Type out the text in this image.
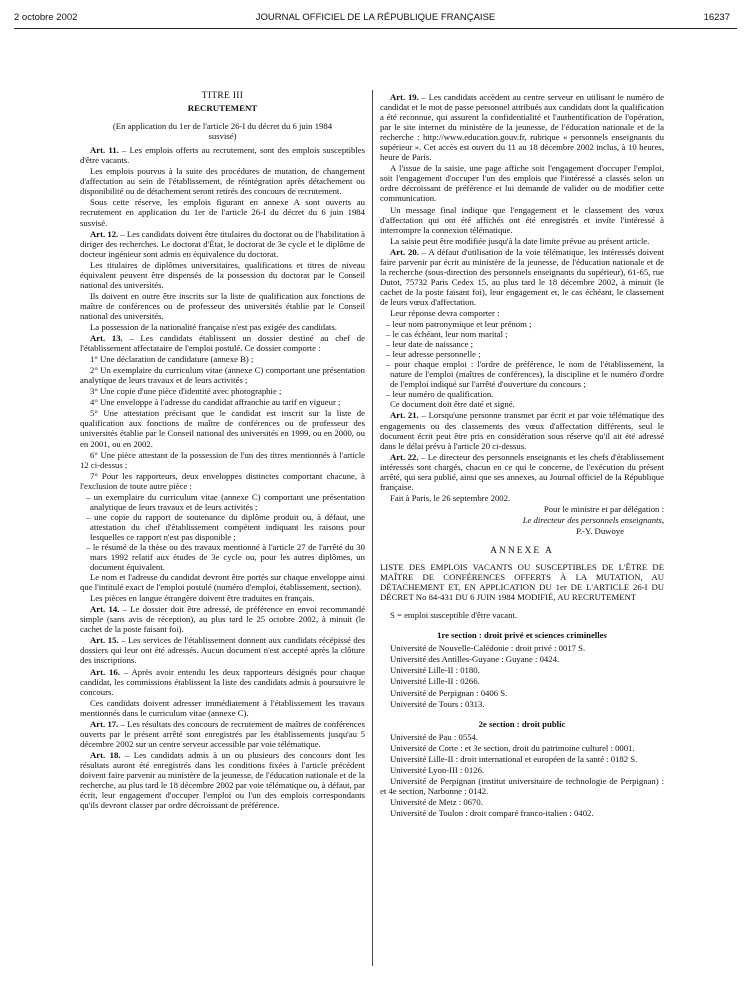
2 octobre 2002	JOURNAL OFFICIEL DE LA RÉPUBLIQUE FRANÇAISE	16237
TITRE III
RECRUTEMENT

(En application du 1er de l'article 26-I du décret du 6 juin 1984 susvisé)

Art. 11. – Les emplois offerts au recrutement, sont des emplois susceptibles d'être vacants.

Les emplois pourvus à la suite des procédures de mutation, de changement d'affectation au sein de l'établissement, de réintégration après détachement ou disponibilité ou de détachement seront retirés des concours de recrutement.

Sous cette réserve, les emplois figurant en annexe A sont ouverts au recrutement en application du 1er de l'article 26-I du décret du 6 juin 1984 susvisé.

Art. 12. – Les candidats doivent être titulaires du doctorat ou de l'habilitation à diriger des recherches. Le doctorat d'État, le doctorat de 3e cycle et le diplôme de docteur ingénieur sont admis en équivalence du doctorat.

Les titulaires de diplômes universitaires, qualifications et titres de niveau équivalent peuvent être dispensés de la possession du doctorat par le Conseil national des universités.

Ils doivent en outre être inscrits sur la liste de qualification aux fonctions de maître de conférences ou de professeur des universités établie par le Conseil national des universités.

La possession de la nationalité française n'est pas exigée des candidats.

Art. 13. – Les candidats établissent un dossier destiné au chef de l'établissement affectataire de l'emploi postulé. Ce dossier comporte :

1° Une déclaration de candidature (annexe B) ;

2° Un exemplaire du curriculum vitae (annexe C) comportant une présentation analytique de leurs travaux et de leurs activités ;

3° Une copie d'une pièce d'identité avec photographie ;

4° Une enveloppe à l'adresse du candidat affranchie au tarif en vigueur ;

5° Une attestation précisant que le candidat est inscrit sur la liste de qualification aux fonctions de maître de conférences ou de professeur des universités établie par le Conseil national des universités en 1999, ou en 2000, ou en 2001, ou en 2002.

6° Une pièce attestant de la possession de l'un des titres mentionnés à l'article 12 ci-dessus ;

7° Pour les rapporteurs, deux enveloppes distinctes comportant chacune, à l'exclusion de toute autre pièce :

– un exemplaire du curriculum vitae (annexe C) comportant une présentation analytique de leurs travaux et de leurs activités ;
– une copie du rapport de soutenance du diplôme produit ou, à défaut, une attestation du chef d'établissement compétent indiquant les raisons pour lesquelles ce rapport n'est pas disponible ;
– le résumé de la thèse ou des travaux mentionné à l'article 27 de l'arrêté du 30 mars 1992 relatif aux études de 3e cycle ou, pour les autres diplômes, un document équivalent.

Le nom et l'adresse du candidat devront être portés sur chaque enveloppe ainsi que l'intitulé exact de l'emploi postulé (numéro d'emploi, établissement, section).

Les pièces en langue étrangère doivent être traduites en français.

Art. 14. – Le dossier doit être adressé, de préférence en envoi recommandé simple (sans avis de réception), au plus tard le 25 octobre 2002, à minuit (le cachet de la poste faisant foi).

Art. 15. – Les services de l'établissement donnent aux candidats récépissé des dossiers qui leur ont été adressés. Aucun document n'est accepté après la clôture des inscriptions.

Art. 16. – Après avoir entendu les deux rapporteurs désignés pour chaque candidat, les commissions établissent la liste des candidats admis à poursuivre le concours.

Ces candidats doivent adresser immédiatement à l'établissement les travaux mentionnés dans le curriculum vitae (annexe C).

Art. 17. – Les résultats des concours de recrutement de maîtres de conférences ouverts par le présent arrêté sont enregistrés par les établissements jusqu'au 5 décembre 2002 sur un centre serveur accessible par voie télématique.

Art. 18. – Les candidats admis à un ou plusieurs des concours dont les résultats auront été enregistrés dans les conditions fixées à l'article précédent doivent faire parvenir au ministère de la jeunesse, de l'éducation nationale et de la recherche, au plus tard le 18 décembre 2002 par voie télématique ou, à défaut, par écrit, leur engagement d'occuper l'emploi ou l'un des emplois correspondants qu'ils devront classer par ordre décroissant de préférence.

Art. 19. – Les candidats accèdent au centre serveur en utilisant le numéro de candidat et le mot de passe personnel attribués aux candidats dont la qualification a été reconnue, qui assurent la confidentialité et l'authentification de l'opération, par le site internet du ministère de la jeunesse, de l'éducation nationale et de la recherche : http://www.education.gouv.fr, rubrique « personnels enseignants du supérieur ». Cet accès est ouvert du 11 au 18 décembre 2002 inclus, à 10 heures, heure de Paris.

A l'issue de la saisie, une page affiche soit l'engagement d'occuper l'emploi, soit l'engagement d'occuper l'un des emplois que l'intéressé a classés selon un ordre décroissant de préférence et lui demande de valider ou de modifier cette communication.

Un message final indique que l'engagement et le classement des vœux d'affectation qui ont été affichés ont été enregistrés et invite l'intéressé à interrompre la connexion télématique.

La saisie peut être modifiée jusqu'à la date limite prévue au présent article.

Art. 20. – A défaut d'utilisation de la voie télématique, les intéressés doivent faire parvenir par écrit au ministère de la jeunesse, de l'éducation nationale et de la recherche (sous-direction des personnels enseignants du supérieur), 61-65, rue Dutot, 75732 Paris Cedex 15, au plus tard le 18 décembre 2002, à minuit (le cachet de la poste faisant foi), leur engagement et, le cas échéant, le classement de leurs vœux d'affectation.

Leur réponse devra comporter :

– leur nom patronymique et leur prénom ;
– le cas échéant, leur nom marital ;
– leur date de naissance ;
– leur adresse personnelle ;
– pour chaque emploi : l'ordre de préférence, le nom de l'établissement, la nature de l'emploi (maîtres de conférences), la discipline et le numéro d'ordre de l'emploi indiqué sur l'arrêté d'ouverture du concours ;
– leur numéro de qualification.

Ce document doit être daté et signé.

Art. 21. – Lorsqu'une personne transmet par écrit et par voie télématique des engagements ou des classements des vœux d'affectation différents, seul le document écrit peut être pris en considération sous réserve qu'il ait été adressé dans le délai prévu à l'article 20 ci-dessus.

Art. 22. – Le directeur des personnels enseignants et les chefs d'établissement intéressés sont chargés, chacun en ce qui le concerne, de l'exécution du présent arrêté, qui sera publié, ainsi que ses annexes, au Journal officiel de la République française.

Fait à Paris, le 26 septembre 2002.

Pour le ministre et par délégation :

Le directeur des personnels enseignants,

P.-Y. Duwoye

ANNEXE A

LISTE DES EMPLOIS VACANTS OU SUSCEPTIBLES DE L'ÊTRE DE MAÎTRE DE CONFÉRENCES OFFERTS À LA MUTATION, AU DÉTACHEMENT ET, EN APPLICATION DU 1er DE L'ARTICLE 26-I DU DÉCRET No 84-431 DU 6 JUIN 1984 MODIFIÉ, AU RECRUTEMENT

S = emploi susceptible d'être vacant.

1re section : droit privé et sciences criminelles

Université de Nouvelle-Calédonie : droit privé : 0017 S.

Université des Antilles-Guyane : Guyane : 0424.

Université Lille-II : 0180.

Université Lille-II : 0266.

Université de Perpignan : 0406 S.

Université de Tours : 0313.

2e section : droit public

Université de Pau : 0554.

Université de Corte : et 3e section, droit du patrimoine culturel : 0001.

Université Lille-II : droit international et européen de la santé : 0182 S.

Université Lyon-III : 0126.

Université de Perpignan (institut universitaire de technologie de Perpignan) : et 4e section, Narbonne : 0142.

Université de Metz : 0670.

Université de Toulon : droit comparé franco-italien : 0402.
